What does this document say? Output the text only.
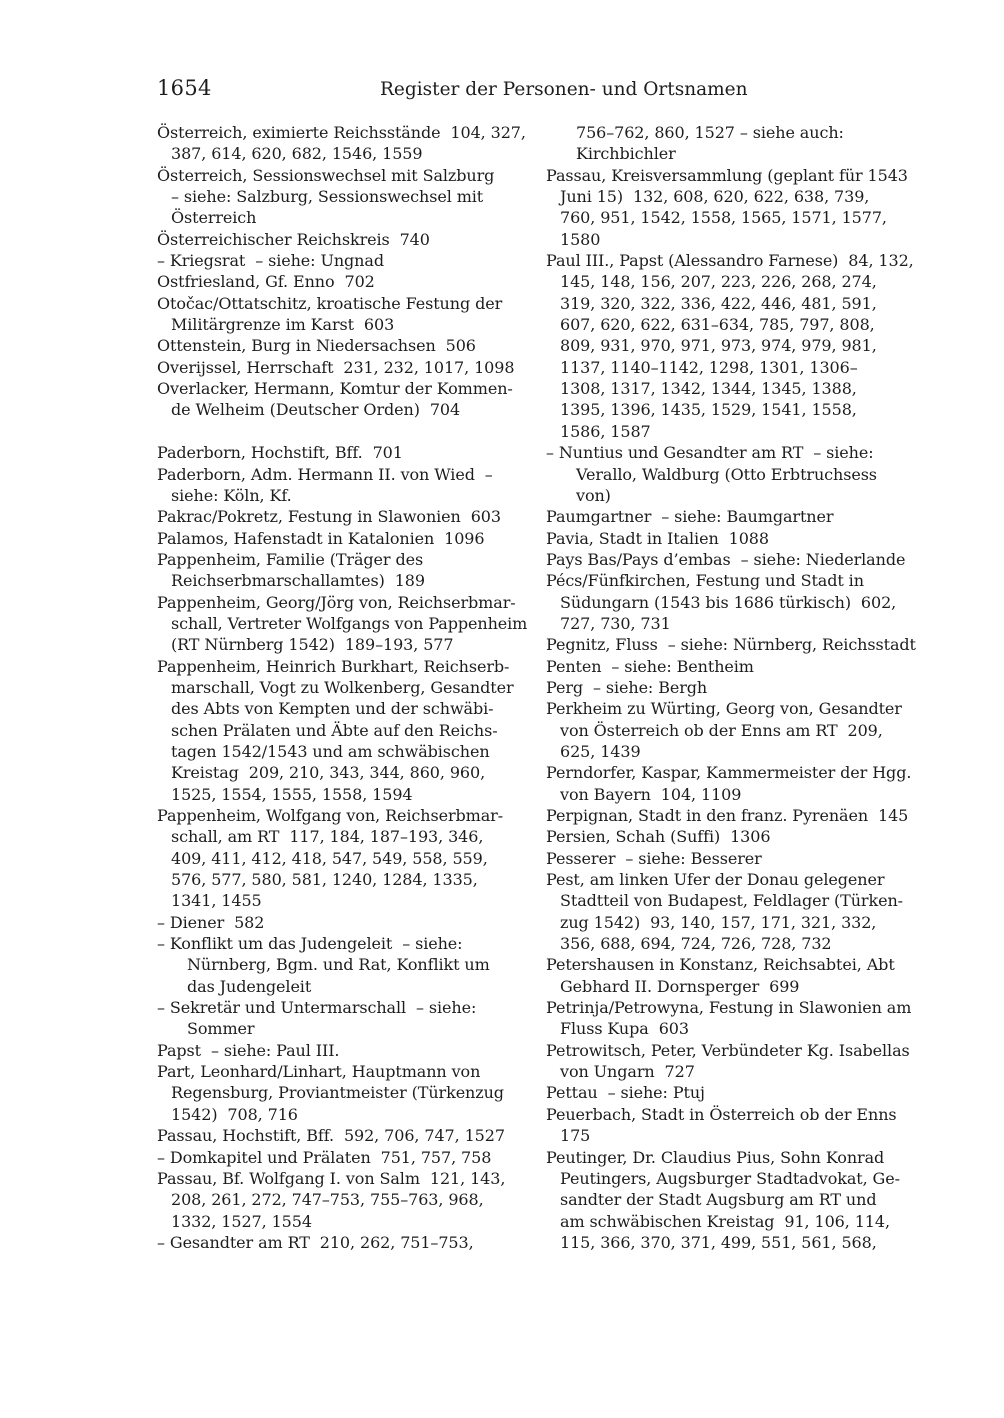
1654	Register der Personen- und Ortsnamen
Österreich, eximierte Reichsstände  104, 327,
387, 614, 620, 682, 1546, 1559
Österreich, Sessionswechsel mit Salzburg
– siehe: Salzburg, Sessionswechsel mit
Österreich
Österreichischer Reichskreis  740
– Kriegsrat  – siehe: Ungnad
Ostfriesland, Gf. Enno  702
Otočac/Ottatschitz, kroatische Festung der
Militärgrenze im Karst  603
Ottenstein, Burg in Niedersachsen  506
Overijssel, Herrschaft  231, 232, 1017, 1098
Overlacker, Hermann, Komtur der Kommen-
de Welheim (Deutscher Orden)  704
Paderborn, Hochstift, Bff.  701
Paderborn, Adm. Hermann II. von Wied  –
siehe: Köln, Kf.
Pakrac/Pokretz, Festung in Slawonien  603
Palamos, Hafenstadt in Katalonien  1096
Pappenheim, Familie (Träger des
Reichserbmarschallamtes)  189
Pappenheim, Georg/Jörg von, Reichserbmar-
schall, Vertreter Wolfgangs von Pappenheim
(RT Nürnberg 1542)  189–193, 577
Pappenheim, Heinrich Burkhart, Reichserb-
marschall, Vogt zu Wolkenberg, Gesandter
des Abts von Kempten und der schwäbi-
schen Prälaten und Äbte auf den Reichs-
tagen 1542/1543 und am schwäbischen
Kreistag  209, 210, 343, 344, 860, 960,
1525, 1554, 1555, 1558, 1594
Pappenheim, Wolfgang von, Reichserbmar-
schall, am RT  117, 184, 187–193, 346,
409, 411, 412, 418, 547, 549, 558, 559,
576, 577, 580, 581, 1240, 1284, 1335,
1341, 1455
– Diener  582
– Konflikt um das Judengeleit  – siehe:
Nürnberg, Bgm. und Rat, Konflikt um
das Judengeleit
– Sekretär und Untermarschall  – siehe:
Sommer
Papst  – siehe: Paul III.
Part, Leonhard/Linhart, Hauptmann von
Regensburg, Proviantmeister (Türkenzug
1542)  708, 716
Passau, Hochstift, Bff.  592, 706, 747, 1527
– Domkapitel und Prälaten  751, 757, 758
Passau, Bf. Wolfgang I. von Salm  121, 143,
208, 261, 272, 747–753, 755–763, 968,
1332, 1527, 1554
– Gesandter am RT  210, 262, 751–753,
756–762, 860, 1527 – siehe auch:
Kirchbichler
Passau, Kreisversammlung (geplant für 1543
Juni 15)  132, 608, 620, 622, 638, 739,
760, 951, 1542, 1558, 1565, 1571, 1577,
1580
Paul III., Papst (Alessandro Farnese)  84, 132,
145, 148, 156, 207, 223, 226, 268, 274,
319, 320, 322, 336, 422, 446, 481, 591,
607, 620, 622, 631–634, 785, 797, 808,
809, 931, 970, 971, 973, 974, 979, 981,
1137, 1140–1142, 1298, 1301, 1306–
1308, 1317, 1342, 1344, 1345, 1388,
1395, 1396, 1435, 1529, 1541, 1558,
1586, 1587
– Nuntius und Gesandter am RT  – siehe:
Verallo, Waldburg (Otto Erbtruchsess
von)
Paumgartner  – siehe: Baumgartner
Pavia, Stadt in Italien  1088
Pays Bas/Pays d’embas  – siehe: Niederlande
Pécs/Fünfkirchen, Festung und Stadt in
Südungarn (1543 bis 1686 türkisch)  602,
727, 730, 731
Pegnitz, Fluss  – siehe: Nürnberg, Reichsstadt
Penten  – siehe: Bentheim
Perg  – siehe: Bergh
Perkheim zu Würting, Georg von, Gesandter
von Österreich ob der Enns am RT  209,
625, 1439
Perndorfer, Kaspar, Kammermeister der Hgg.
von Bayern  104, 1109
Perpignan, Stadt in den franz. Pyrenäen  145
Persien, Schah (Suffi)  1306
Pesserer  – siehe: Besserer
Pest, am linken Ufer der Donau gelegener
Stadtteil von Budapest, Feldlager (Türken-
zug 1542)  93, 140, 157, 171, 321, 332,
356, 688, 694, 724, 726, 728, 732
Petershausen in Konstanz, Reichsabtei, Abt
Gebhard II. Dornsperger  699
Petrinja/Petrowyna, Festung in Slawonien am
Fluss Kupa  603
Petrowitsch, Peter, Verbündeter Kg. Isabellas
von Ungarn  727
Pettau  – siehe: Ptuj
Peuerbach, Stadt in Österreich ob der Enns
175
Peutinger, Dr. Claudius Pius, Sohn Konrad
Peutingers, Augsburger Stadtadvokat, Ge-
sandter der Stadt Augsburg am RT und
am schwäbischen Kreistag  91, 106, 114,
115, 366, 370, 371, 499, 551, 561, 568,
